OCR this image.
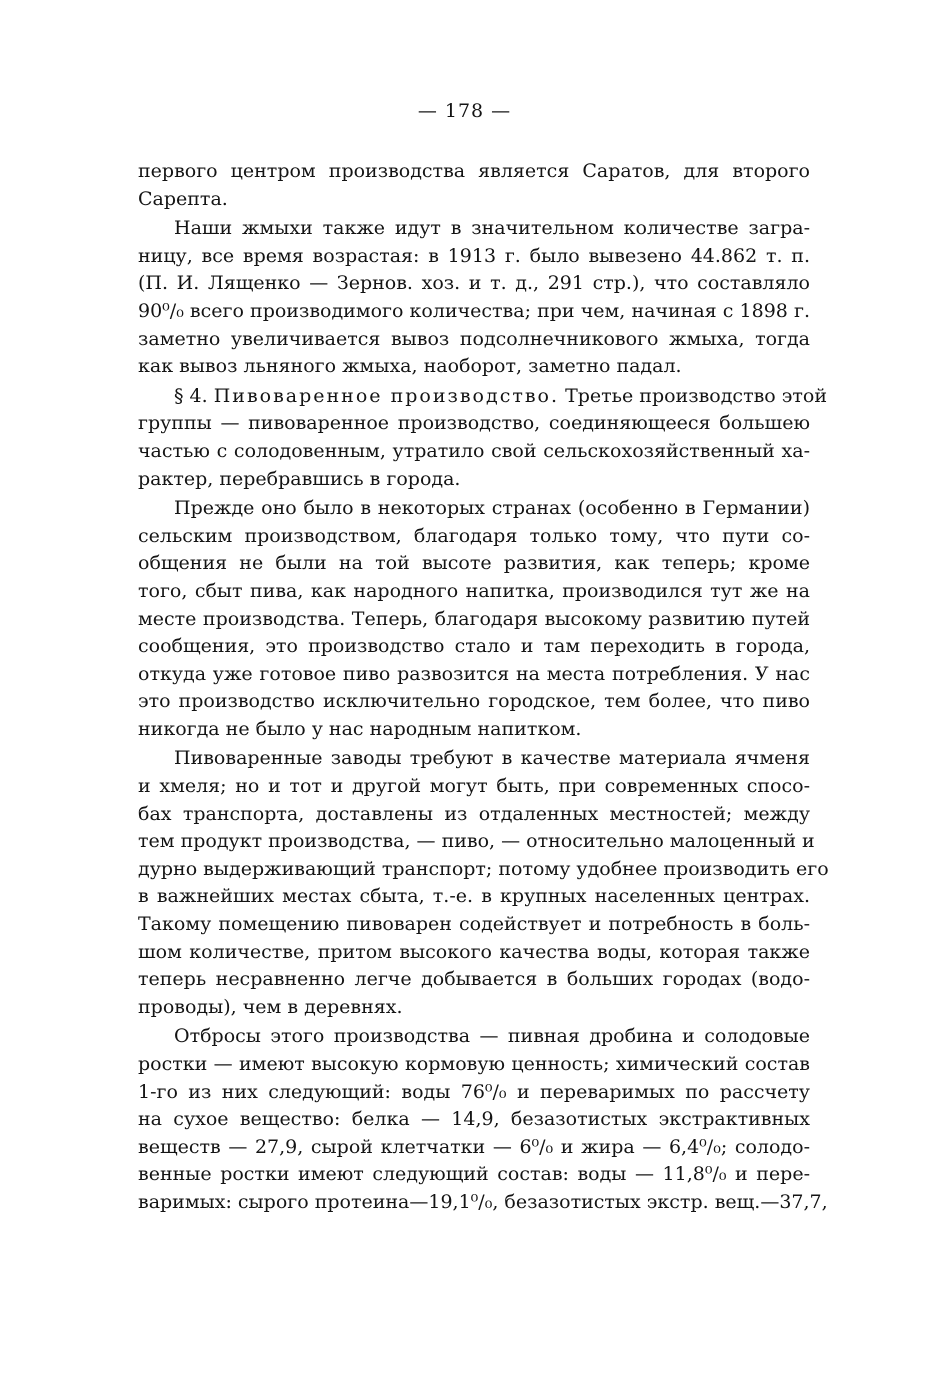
— 178 —
первого центром производства является Саратов, для второго
Сарепта.
Наши жмыхи также идут в значительном количестве загра-
ницу, все время возрастая: в 1913 г. было вывезено 44.862 т. п.
(П. И. Лященко — Зернов. хоз. и т. д., 291 стр.), что составляло
90⁰/₀ всего производимого количества; при чем, начиная с 1898 г.
заметно увеличивается вывоз подсолнечникового жмыха, тогда
как вывоз льняного жмыха, наоборот, заметно падал.
§ 4. Пивоваренное производство. Третье производство этой
группы — пивоваренное производство, соединяющееся большею
частью с солодовенным, утратило свой сельскохозяйственный ха-
рактер, перебравшись в города.
Прежде оно было в некоторых странах (особенно в Германии)
сельским производством, благодаря только тому, что пути со-
общения не были на той высоте развития, как теперь; кроме
того, сбыт пива, как народного напитка, производился тут же на
месте производства. Теперь, благодаря высокому развитию путей
сообщения, это производство стало и там переходить в города,
откуда уже готовое пиво развозится на места потребления. У нас
это производство исключительно городское, тем более, что пиво
никогда не было у нас народным напитком.
Пивоваренные заводы требуют в качестве материала ячменя
и хмеля; но и тот и другой могут быть, при современных спосо-
бах транспорта, доставлены из отдаленных местностей; между
тем продукт производства, — пиво, — относительно малоценный и
дурно выдерживающий транспорт; потому удобнее производить его
в важнейших местах сбыта, т.-е. в крупных населенных центрах.
Такому помещению пивоварен содействует и потребность в боль-
шом количестве, притом высокого качества воды, которая также
теперь несравненно легче добывается в больших городах (водо-
проводы), чем в деревнях.
Отбросы этого производства — пивная дробина и солодовые
ростки — имеют высокую кормовую ценность; химический состав
1-го из них следующий: воды 76⁰/₀ и переваримых по рассчету
на сухое вещество: белка — 14,9, безазотистых экстрактивных
веществ — 27,9, сырой клетчатки — 6⁰/₀ и жира — 6,4⁰/₀; солодо-
венные ростки имеют следующий состав: воды — 11,8⁰/₀ и пере-
варимых: сырого протеина—19,1⁰/₀, безазотистых экстр. вещ.—37,7,
